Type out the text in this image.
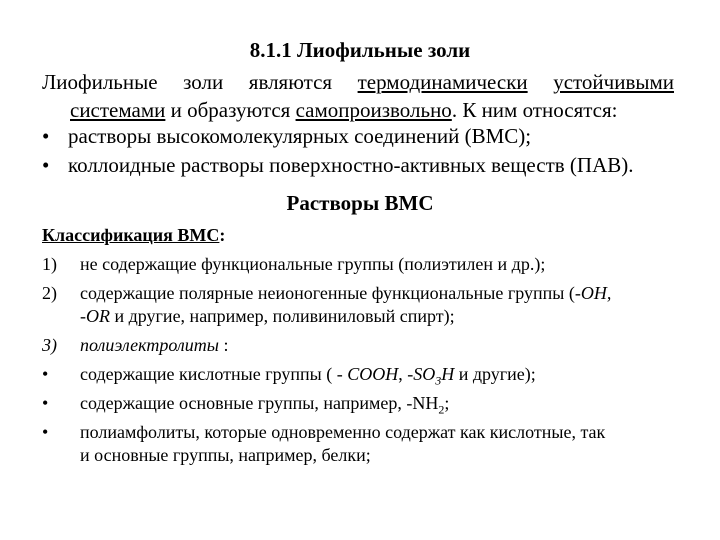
8.1.1 Лиофильные золи
Лиофильные золи являются термодинамически устойчивыми
системами и образуются самопроизвольно. К ним относятся:
• растворы высокомолекулярных соединений (ВМС);
• коллоидные растворы поверхностно-активных веществ (ПАВ).
Растворы ВМС
Классификация ВМС:
1) не содержащие функциональные группы (полиэтилен и др.);
2) содержащие полярные неионогенные функциональные группы (-OH,
-OR и другие, например, поливиниловый спирт);
3) полиэлектролиты :
• содержащие кислотные группы ( - COOH, $-SO_3H$ и другие);
• содержащие основные группы, например, $-NH_2$;
• полиамфолиты, которые одновременно содержат как кислотные, так
и основные группы, например, белки;
